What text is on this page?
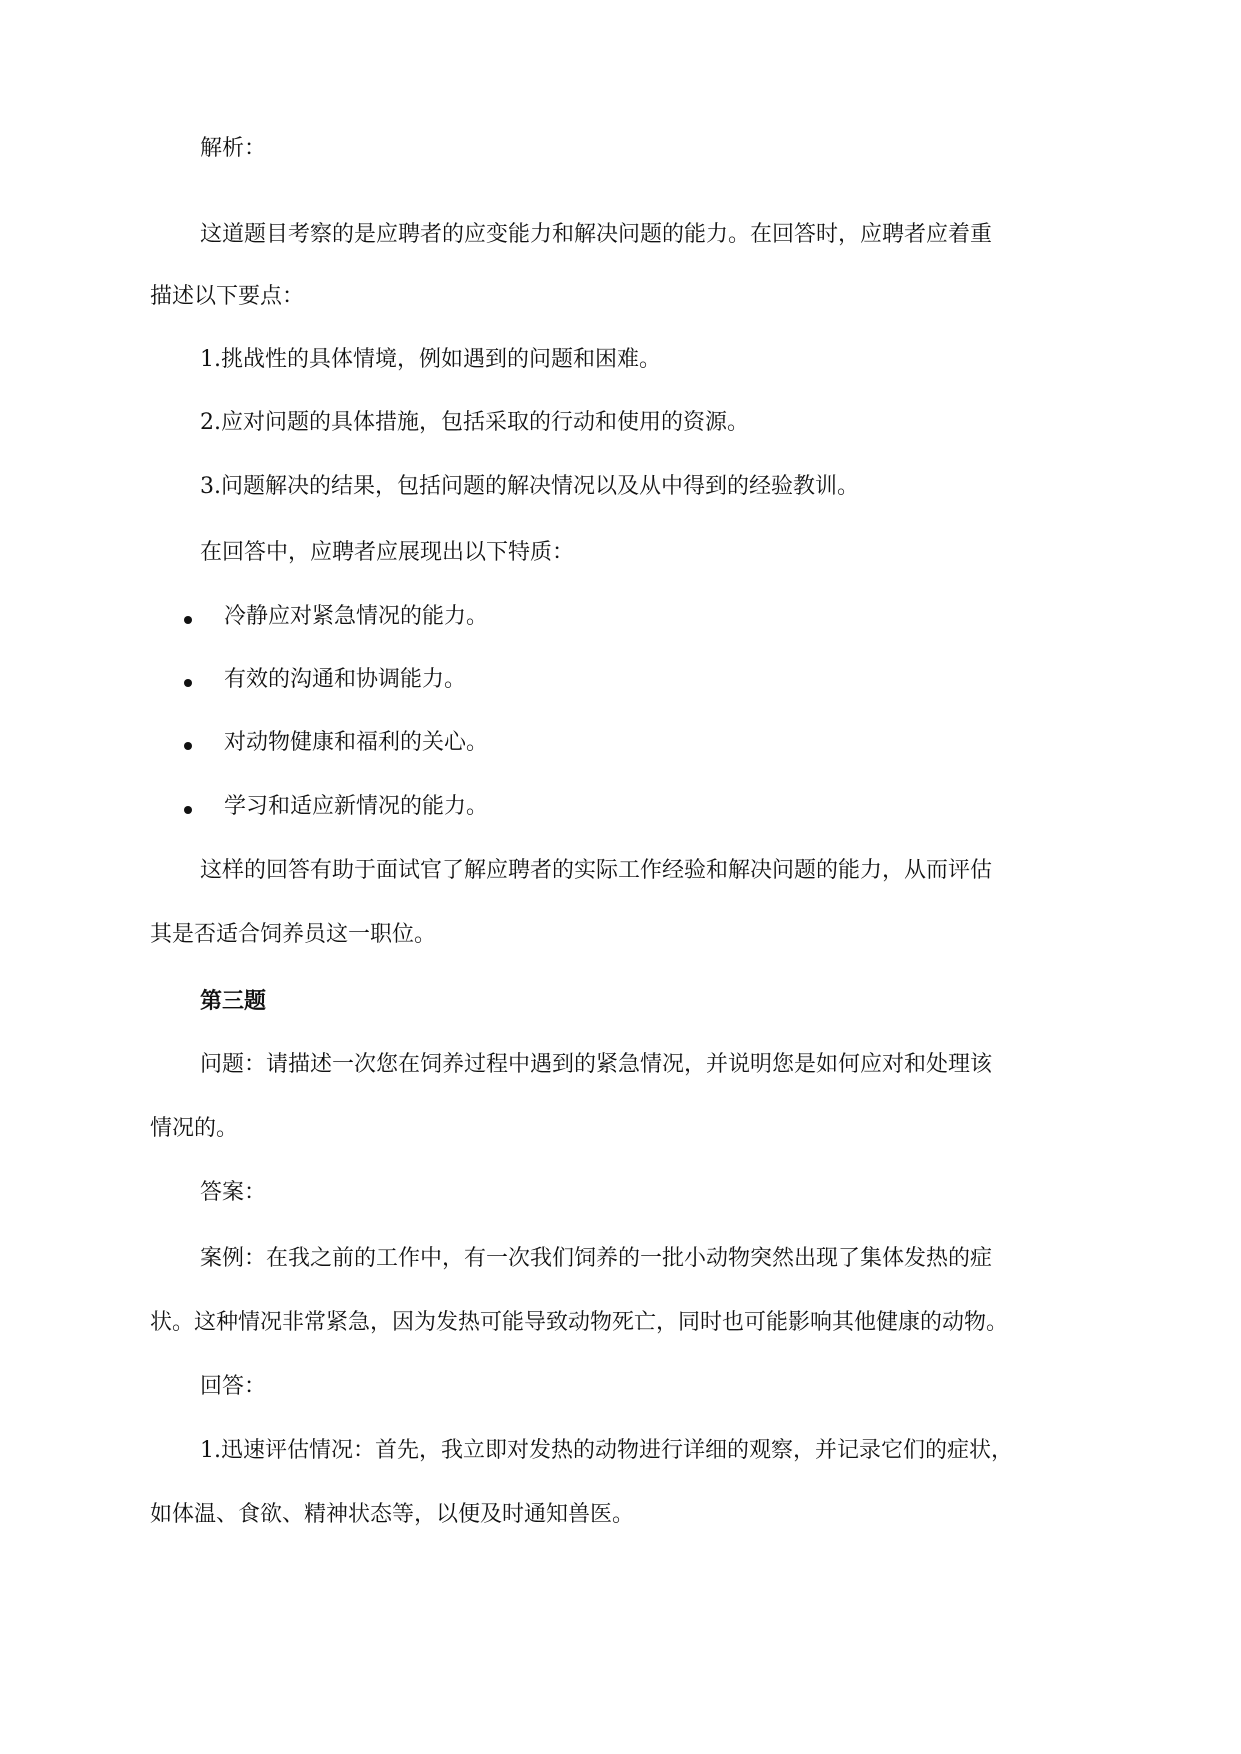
解析：
这道题目考察的是应聘者的应变能力和解决问题的能力。在回答时，应聘者应着重
描述以下要点：
1.挑战性的具体情境，例如遇到的问题和困难。
2.应对问题的具体措施，包括采取的行动和使用的资源。
3.问题解决的结果，包括问题的解决情况以及从中得到的经验教训。
在回答中，应聘者应展现出以下特质：
冷静应对紧急情况的能力。
有效的沟通和协调能力。
对动物健康和福利的关心。
学习和适应新情况的能力。
这样的回答有助于面试官了解应聘者的实际工作经验和解决问题的能力，从而评估
其是否适合饲养员这一职位。
第三题
问题：请描述一次您在饲养过程中遇到的紧急情况，并说明您是如何应对和处理该
情况的。
答案：
案例：在我之前的工作中，有一次我们饲养的一批小动物突然出现了集体发热的症
状。这种情况非常紧急，因为发热可能导致动物死亡，同时也可能影响其他健康的动物。
回答：
1.迅速评估情况：首先，我立即对发热的动物进行详细的观察，并记录它们的症状，
如体温、食欲、精神状态等，以便及时通知兽医。
